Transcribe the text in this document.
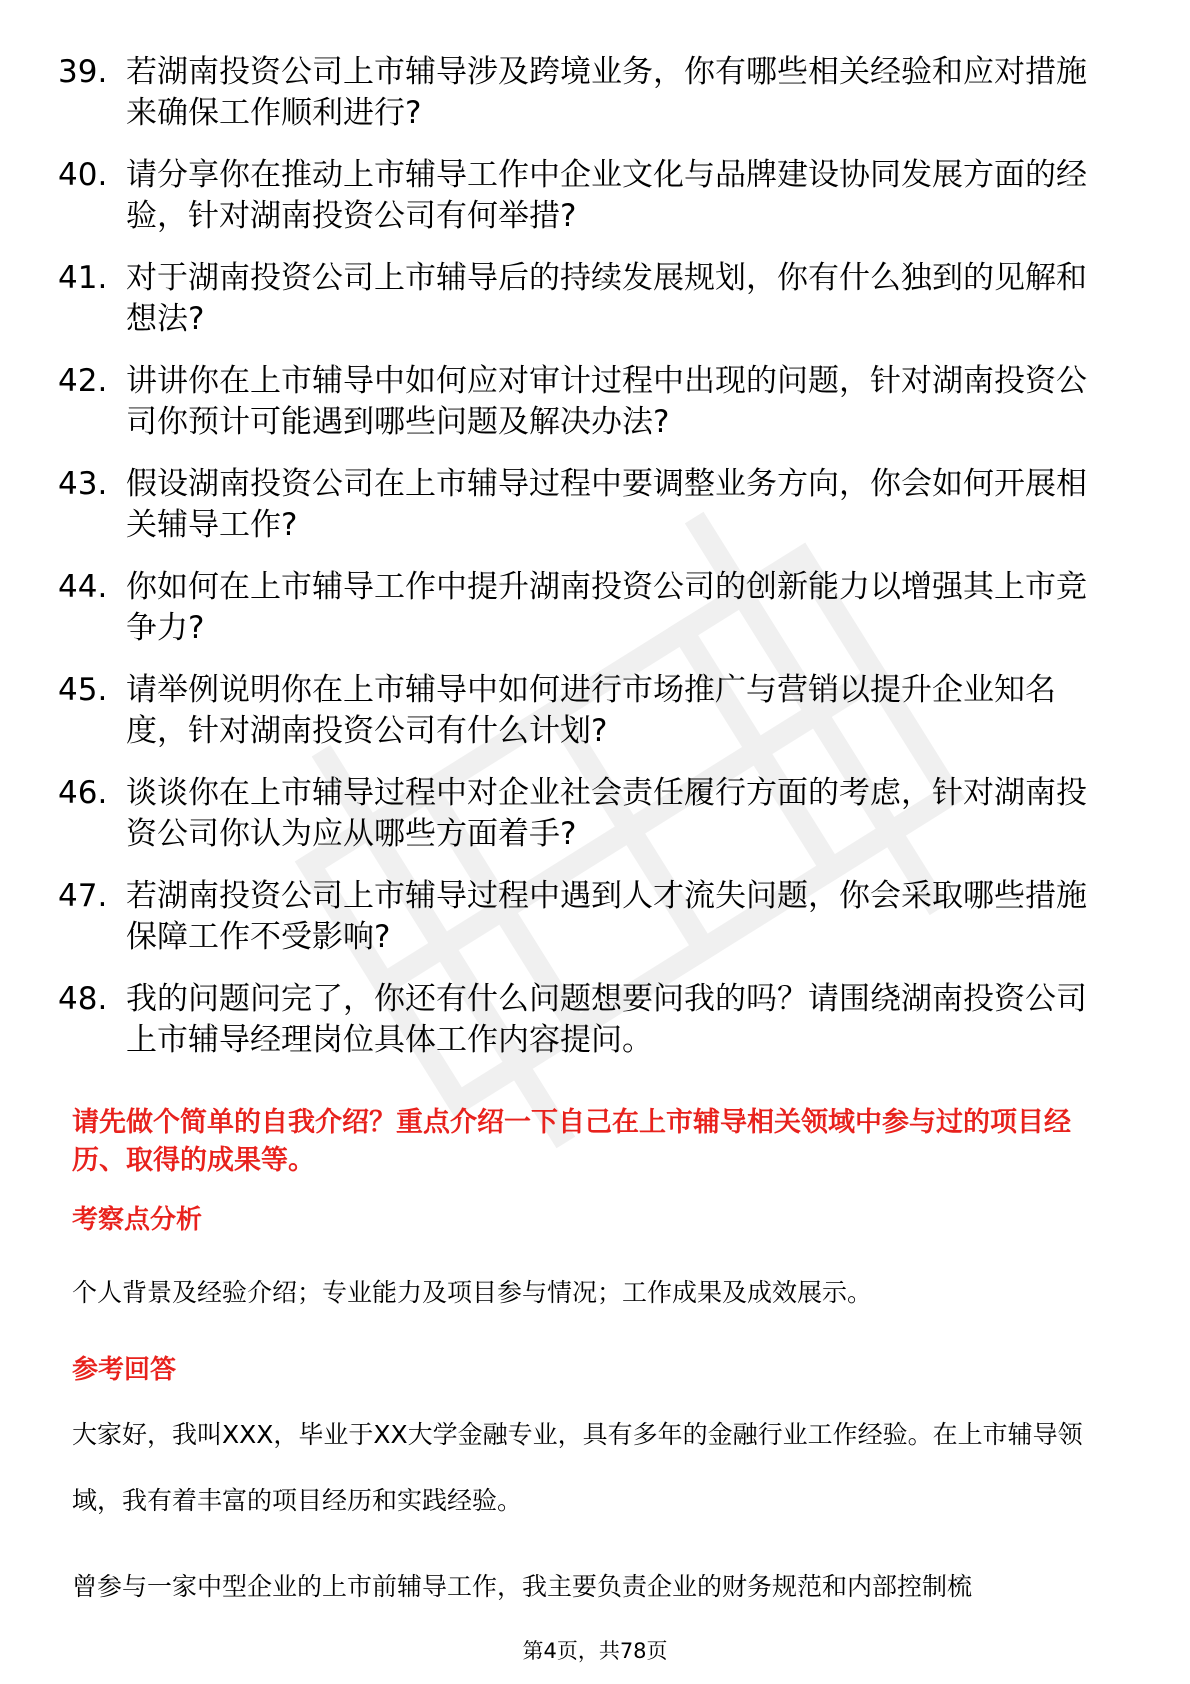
39. 若湖南投资公司上市辅导涉及跨境业务，你有哪些相关经验和应对措施来确保工作顺利进行?
40. 请分享你在推动上市辅导工作中企业文化与品牌建设协同发展方面的经验，针对湖南投资公司有何举措?
41. 对于湖南投资公司上市辅导后的持续发展规划，你有什么独到的见解和想法?
42. 讲讲你在上市辅导中如何应对审计过程中出现的问题，针对湖南投资公司你预计可能遇到哪些问题及解决办法?
43. 假设湖南投资公司在上市辅导过程中要调整业务方向，你会如何开展相关辅导工作?
44. 你如何在上市辅导工作中提升湖南投资公司的创新能力以增强其上市竞争力?
45. 请举例说明你在上市辅导中如何进行市场推广与营销以提升企业知名度，针对湖南投资公司有什么计划?
46. 谈谈你在上市辅导过程中对企业社会责任履行方面的考虑，针对湖南投资公司你认为应从哪些方面着手?
47. 若湖南投资公司上市辅导过程中遇到人才流失问题，你会采取哪些措施保障工作不受影响?
48. 我的问题问完了，你还有什么问题想要问我的吗？请围绕湖南投资公司上市辅导经理岗位具体工作内容提问。
请先做个简单的自我介绍？重点介绍一下自己在上市辅导相关领域中参与过的项目经历、取得的成果等。
考察点分析
个人背景及经验介绍；专业能力及项目参与情况；工作成果及成效展示。
参考回答
大家好，我叫XXX，毕业于XX大学金融专业，具有多年的金融行业工作经验。在上市辅导领域，我有着丰富的项目经历和实践经验。
曾参与一家中型企业的上市前辅导工作，我主要负责企业的财务规范和内部控制梳
第4页，共78页
